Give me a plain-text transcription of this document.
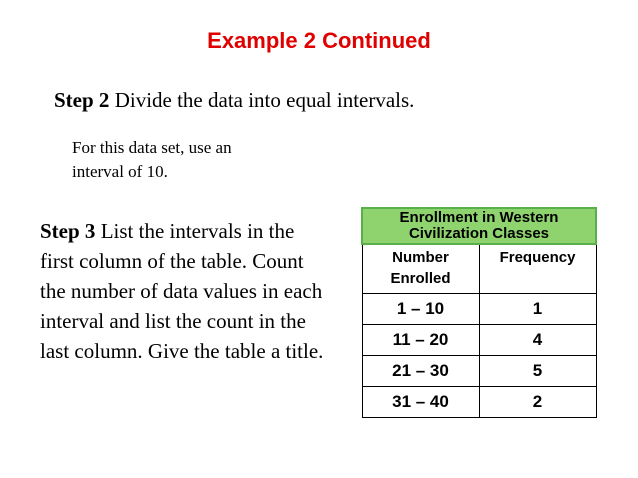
Example 2 Continued
Step 2 Divide the data into equal intervals.
For this data set, use an
interval of 10.
Step 3 List the intervals in the first column of the table. Count the number of data values in each interval and list the count in the last column. Give the table a title.
Enrollment in Western
Civilization Classes	

Number
Enrolled	Frequency
1 – 10	1
11 – 20	4
21 – 30	5
31 – 40	2
